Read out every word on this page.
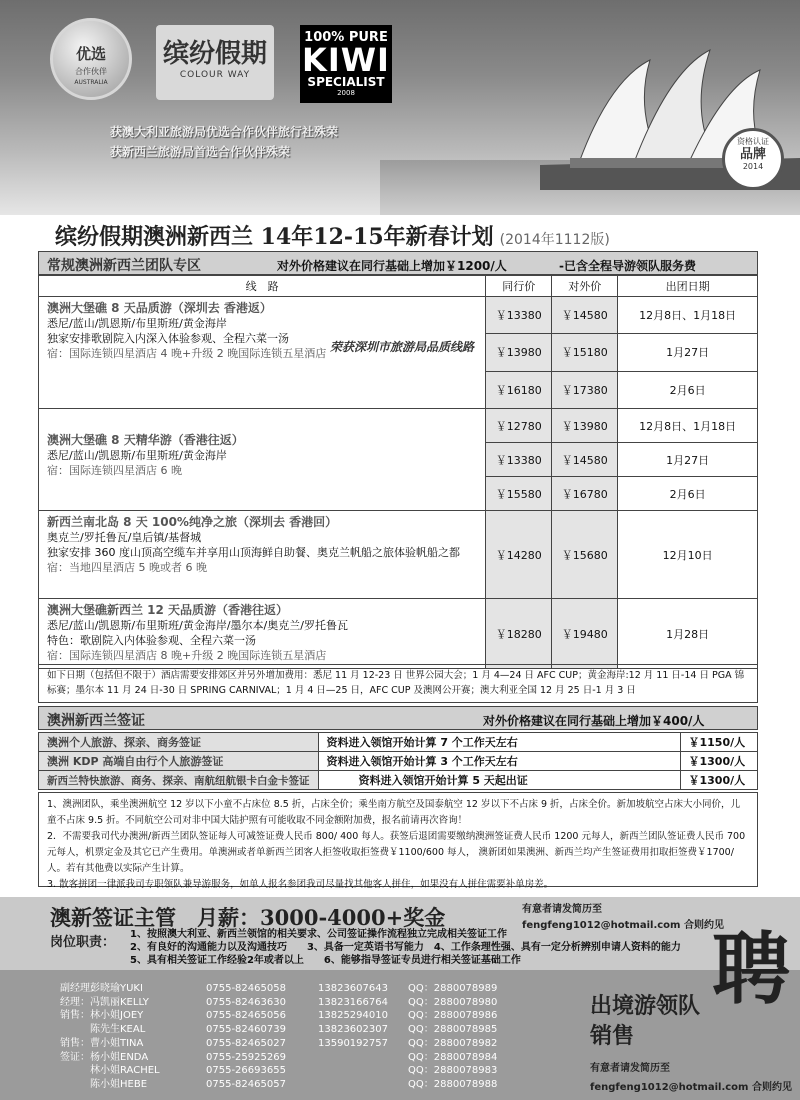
优选
合作伙伴
AUSTRALIA
缤纷假期
COLOUR WAY
100% PURE
KIWI
SPECIALIST
2008
获澳大利亚旅游局优选合作伙伴旅行社殊荣
获新西兰旅游局首选合作伙伴殊荣
资格认证
品牌
2014
缤纷假期澳洲新西兰 14年12-15年新春计划 (2014年1112版)
常规澳洲新西兰团队专区	对外价格建议在同行基础上增加￥1200/人	-已含全程导游领队服务费
线　路	同行价	对外价	出团日期

澳洲大堡礁 8 天品质游（深圳去 香港返）
悉尼/蓝山/凯恩斯/布里斯班/黄金海岸
独家安排歌剧院入内深入体验参观、全程六菜一汤
宿：国际连锁四星酒店 4 晚+升级 2 晚国际连锁五星酒店	￥13380	￥14580	12月8日、1月18日
	￥13980	￥15180	1月27日
	￥16180	￥17380	2月6日

澳洲大堡礁 8 天精华游（香港往返）
悉尼/蓝山/凯恩斯/布里斯班/黄金海岸
宿：国际连锁四星酒店 6 晚	￥12780	￥13980	12月8日、1月18日
	￥13380	￥14580	1月27日
	￥15580	￥16780	2月6日

新西兰南北岛 8 天 100%纯净之旅（深圳去 香港回）
奥克兰/罗托鲁瓦/皇后镇/基督城
独家安排 360 度山顶高空缆车并享用山顶海鲜自助餐、奥克兰帆船之旅体验帆船之都
宿：当地四星酒店 5 晚或者 6 晚	￥14280	￥15680	12月10日

澳洲大堡礁新西兰 12 天品质游（香港往返）
悉尼/蓝山/凯恩斯/布里斯班/黄金海岸/墨尔本/奥克兰/罗托鲁瓦
特色：歌剧院入内体验参观、全程六菜一汤
宿：国际连锁四星酒店 8 晚+升级 2 晚国际连锁五星酒店	￥18280	￥19480	1月28日
荣获深圳市旅游局品质线路
如下日期（包括但不限于）酒店需要安排郊区并另外增加费用：悉尼 11 月 12-23 日 世界公园大会；1 月 4—24 日 AFC CUP；黄金海岸:12 月 11 日-14 日 PGA 锦标赛；墨尔本 11 月 24 日-30 日 SPRING CARNIVAL；1 月 4 日—25 日，AFC CUP 及澳网公开赛；澳大利亚全国 12 月 25 日-1 月 3 日
澳洲新西兰签证	对外价格建议在同行基础上增加￥400/人
澳洲个人旅游、探亲、商务签证	资料进入领馆开始计算 7 个工作天左右	￥1150/人
澳洲 KDP 高端自由行个人旅游签证	资料进入领馆开始计算 3 个工作天左右	￥1300/人
新西兰特快旅游、商务、探亲、南航纽航银卡白金卡签证	资料进入领馆开始计算 5 天起出证	￥1300/人
1、澳洲团队，乘坐澳洲航空 12 岁以下小童不占床位 8.5 折，占床全价；乘坐南方航空及国泰航空 12 岁以下不占床 9 折，占床全价。新加坡航空占床大小同价，儿童不占床 9.5 折。不同航空公司对非中国大陆护照有可能收取不同金额附加费，报名前请再次咨询！
2．不需要我司代办澳洲/新西兰团队签证每人可减签证费人民币 800/ 400 每人。获签后退团需要缴纳澳洲签证费人民币 1200 元每人，新西兰团队签证费人民币 700 元每人，机票定金及其它已产生费用。单澳洲或者单新西兰团客人拒签收取拒签费￥1100/600 每人， 澳新团如果澳洲、新西兰均产生签证费用扣取拒签费￥1700/人。若有其他费以实际产生计算。
3. 散客拼团一律派我司专职领队兼导游服务，如单人报名参团我司尽量找其他客人拼住，如果没有人拼住需要补单房差。
澳新签证主管　月薪：3000-4000+奖金
岗位职责：
1、按照澳大利亚、新西兰领馆的相关要求、公司签证操作流程独立完成相关签证工作
2、有良好的沟通能力以及沟通技巧　　3、具备一定英语书写能力　4、工作条理性强、具有一定分析辨别申请人资料的能力
5、具有相关签证工作经验2年或者以上　　6、能够指导签证专员进行相关签证基础工作
有意者请发简历至
fengfeng1012@hotmail.com 合则约见
聘
副经理：
彭晓瑜YUKI	0755-82465058	13823607643	QQ：2880078989
经理： 冯凯丽KELLY	0755-82463630	13823166764	QQ：2880078980
销售： 林小姐JOEY	0755-82465056	13825294010	QQ：2880078986
陈先生KEAL	0755-82460739	13823602307	QQ：2880078985
销售： 曹小姐TINA	0755-82465027	13590192757	QQ：2880078982
签证： 杨小姐ENDA	0755-25925269	QQ：2880078984
林小姐RACHEL	0755-26693655	QQ：2880078983
陈小姐HEBE	0755-82465057	QQ：2880078988
出境游领队
销售
有意者请发简历至
fengfeng1012@hotmail.com 合则约见
